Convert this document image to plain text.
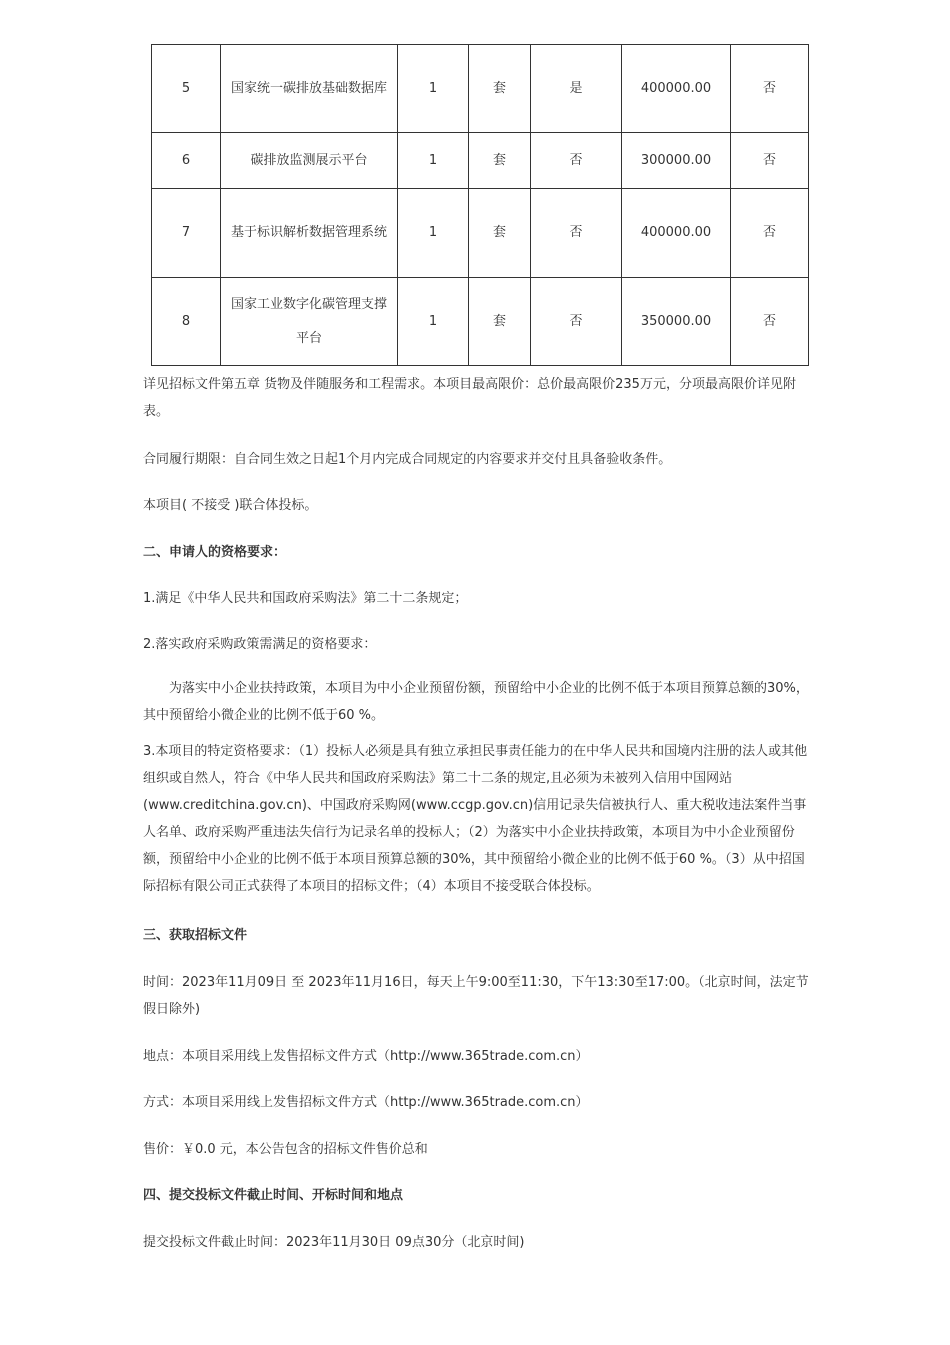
5	国家统一碳排放基础数据库	1	套	是	400000.00	否
6	碳排放监测展示平台	1	套	否	300000.00	否
7	基于标识解析数据管理系统	1	套	否	400000.00	否
8	国家工业数字化碳管理支撑平台	1	套	否	350000.00	否

详见招标文件第五章 货物及伴随服务和工程需求。本项目最高限价：总价最高限价235万元，分项最高限价详见附表。

合同履行期限：自合同生效之日起1个月内完成合同规定的内容要求并交付且具备验收条件。

本项目( 不接受 )联合体投标。

二、申请人的资格要求：

1.满足《中华人民共和国政府采购法》第二十二条规定；

2.落实政府采购政策需满足的资格要求：

为落实中小企业扶持政策，本项目为中小企业预留份额，预留给中小企业的比例不低于本项目预算总额的30%，其中预留给小微企业的比例不低于60 %。

3.本项目的特定资格要求：（1）投标人必须是具有独立承担民事责任能力的在中华人民共和国境内注册的法人或其他组织或自然人，符合《中华人民共和国政府采购法》第二十二条的规定,且必须为未被列入信用中国网站(www.creditchina.gov.cn)、中国政府采购网(www.ccgp.gov.cn)信用记录失信被执行人、重大税收违法案件当事人名单、政府采购严重违法失信行为记录名单的投标人；（2）为落实中小企业扶持政策，本项目为中小企业预留份额，预留给中小企业的比例不低于本项目预算总额的30%，其中预留给小微企业的比例不低于60 %。（3）从中招国际招标有限公司正式获得了本项目的招标文件；（4）本项目不接受联合体投标。

三、获取招标文件

时间：2023年11月09日 至 2023年11月16日，每天上午9:00至11:30，下午13:30至17:00。（北京时间，法定节假日除外)

地点：本项目采用线上发售招标文件方式（http://www.365trade.com.cn）

方式：本项目采用线上发售招标文件方式（http://www.365trade.com.cn）

售价：￥0.0 元，本公告包含的招标文件售价总和

四、提交投标文件截止时间、开标时间和地点

提交投标文件截止时间：2023年11月30日 09点30分（北京时间)
